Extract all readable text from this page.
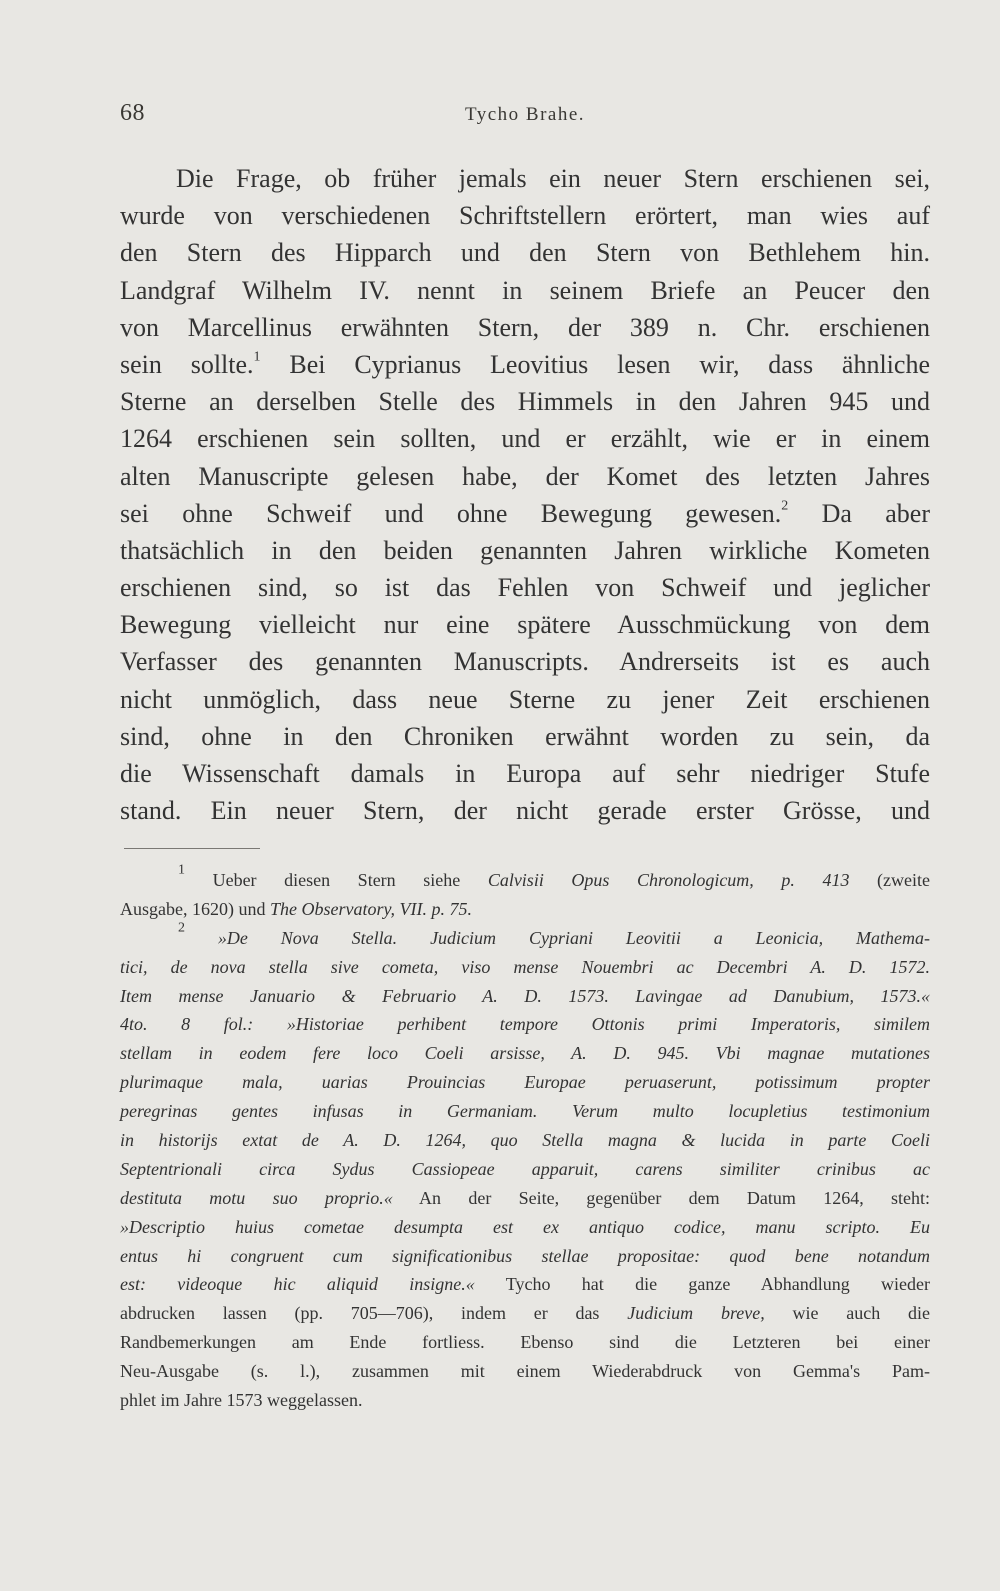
68	Tycho Brahe.
Die Frage, ob früher jemals ein neuer Stern erschienen sei,
wurde von verschiedenen Schriftstellern erörtert, man wies auf
den Stern des Hipparch und den Stern von Bethlehem hin.
Landgraf Wilhelm IV. nennt in seinem Briefe an Peucer den
von Marcellinus erwähnten Stern, der 389 n. Chr. erschienen
sein sollte.$^1$ Bei Cyprianus Leovitius lesen wir, dass ähnliche
Sterne an derselben Stelle des Himmels in den Jahren 945 und
1264 erschienen sein sollten, und er erzählt, wie er in einem
alten Manuscripte gelesen habe, der Komet des letzten Jahres
sei ohne Schweif und ohne Bewegung gewesen.$^2$ Da aber
thatsächlich in den beiden genannten Jahren wirkliche Kometen
erschienen sind, so ist das Fehlen von Schweif und jeglicher
Bewegung vielleicht nur eine spätere Ausschmückung von dem
Verfasser des genannten Manuscripts. Andrerseits ist es auch
nicht unmöglich, dass neue Sterne zu jener Zeit erschienen
sind, ohne in den Chroniken erwähnt worden zu sein, da
die Wissenschaft damals in Europa auf sehr niedriger Stufe
stand. Ein neuer Stern, der nicht gerade erster Grösse, und
$^1$ Ueber diesen Stern siehe Calvisii Opus Chronologicum, p. 413 (zweite
Ausgabe, 1620) und The Observatory, VII. p. 75.
$^2$ »De Nova Stella. Judicium Cypriani Leovitii a Leonicia, Mathema-
tici, de nova stella sive cometa, viso mense Nouembri ac Decembri A. D. 1572.
Item mense Januario & Februario A. D. 1573. Lavingae ad Danubium, 1573.«
4to. 8 fol.: »Historiae perhibent tempore Ottonis primi Imperatoris, similem
stellam in eodem fere loco Coeli arsisse, A. D. 945. Vbi magnae mutationes
plurimaque mala, uarias Prouincias Europae peruaserunt, potissimum propter
peregrinas gentes infusas in Germaniam. Verum multo locupletius testimonium
in historijs extat de A. D. 1264, quo Stella magna & lucida in parte Coeli
Septentrionali circa Sydus Cassiopeae apparuit, carens similiter crinibus ac
destituta motu suo proprio.« An der Seite, gegenüber dem Datum 1264, steht:
»Descriptio huius cometae desumpta est ex antiquo codice, manu scripto. Eu
entus hi congruent cum significationibus stellae propositae: quod bene notandum
est: videoque hic aliquid insigne.« Tycho hat die ganze Abhandlung wieder
abdrucken lassen (pp. 705—706), indem er das Judicium breve, wie auch die
Randbemerkungen am Ende fortliess. Ebenso sind die Letzteren bei einer
Neu-Ausgabe (s. l.), zusammen mit einem Wiederabdruck von Gemma's Pam-
phlet im Jahre 1573 weggelassen.
